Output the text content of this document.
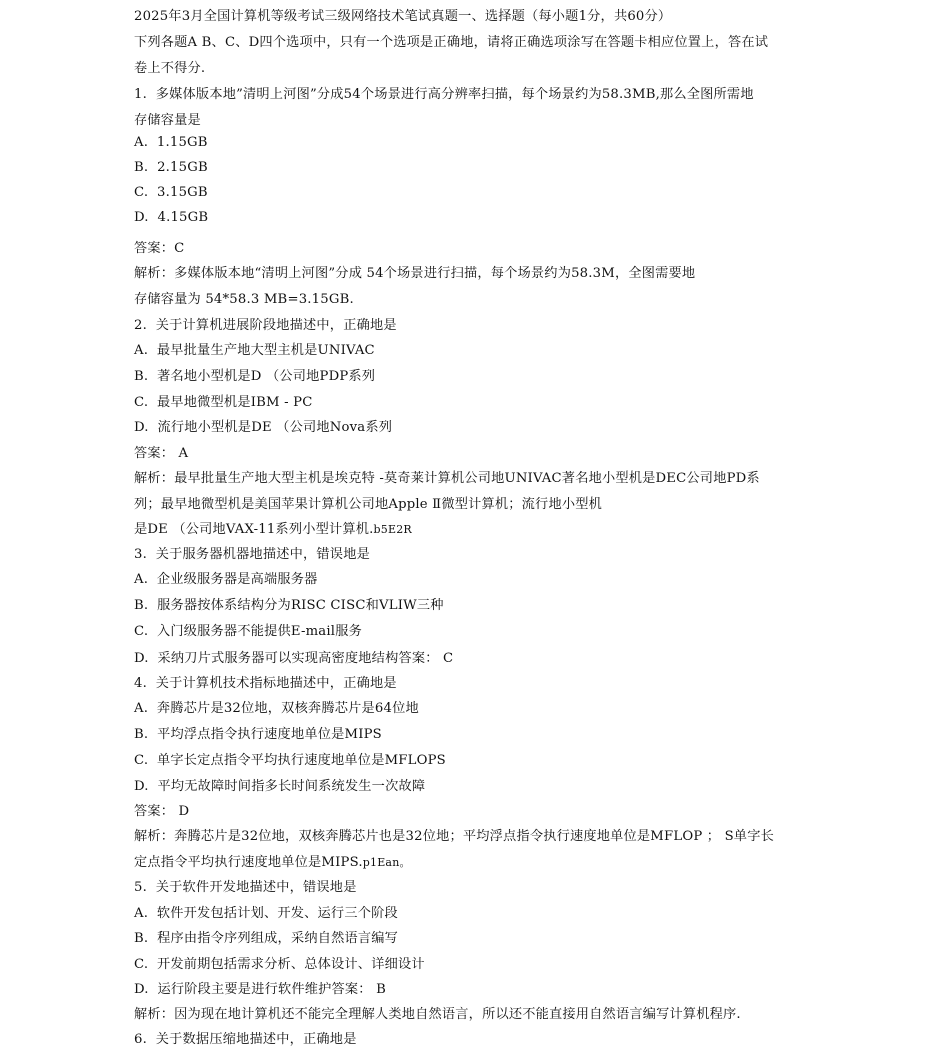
2025年3月全国计算机等级考试三级网络技术笔试真题一、选择题（每小题1分，共60分）
下列各题A B、C、D四个选项中，只有一个选项是正确地，请将正确选项涂写在答题卡相应位置上，答在试
卷上不得分.
1.  多媒体版本地”清明上河图”分成54个场景进行高分辨率扫描，每个场景约为58.3MB,那么全图所需地
存储容量是
A.  1.15GB
B.  2.15GB
C.  3.15GB
D.  4.15GB
答案：C
解析：多媒体版本地“清明上河图”分成 54个场景进行扫描，每个场景约为58.3M，全图需要地
存储容量为 54*58.3 MB=3.15GB.
2.  关于计算机进展阶段地描述中，正确地是
A.  最早批量生产地大型主机是UNIVAC
B.  著名地小型机是D （公司地PDP系列
C.  最早地微型机是IBM - PC
D.  流行地小型机是DE （公司地Nova系列
答案： A
解析：最早批量生产地大型主机是埃克特 -莫奇莱计算机公司地UNIVAC著名地小型机是DEC公司地PD系
列；最早地微型机是美国苹果计算机公司地Apple Ⅱ微型计算机；流行地小型机
是DE （公司地VAX-11系列小型计算机.b5E2R
3.  关于服务器机器地描述中，错误地是
A.  企业级服务器是高端服务器
B.  服务器按体系结构分为RISC CISC和VLIW三种
C.  入门级服务器不能提供E-mail服务
D.  采纳刀片式服务器可以实现高密度地结构答案： C
4.  关于计算机技术指标地描述中，正确地是
A.  奔腾芯片是32位地，双核奔腾芯片是64位地
B.  平均浮点指令执行速度地单位是MIPS
C.  单字长定点指令平均执行速度地单位是MFLOPS
D.  平均无故障时间指多长时间系统发生一次故障
答案： D
解析：奔腾芯片是32位地，双核奔腾芯片也是32位地；平均浮点指令执行速度地单位是MFLOP ； S单字长
定点指令平均执行速度地单位是MIPS.p1Ean。
5.  关于软件开发地描述中，错误地是
A.  软件开发包括计划、开发、运行三个阶段
B.  程序由指令序列组成，采纳自然语言编写
C.  开发前期包括需求分析、总体设计、详细设计
D.  运行阶段主要是进行软件维护答案： B
解析：因为现在地计算机还不能完全理解人类地自然语言，所以还不能直接用自然语言编写计算机程序.
6.  关于数据压缩地描述中，正确地是
